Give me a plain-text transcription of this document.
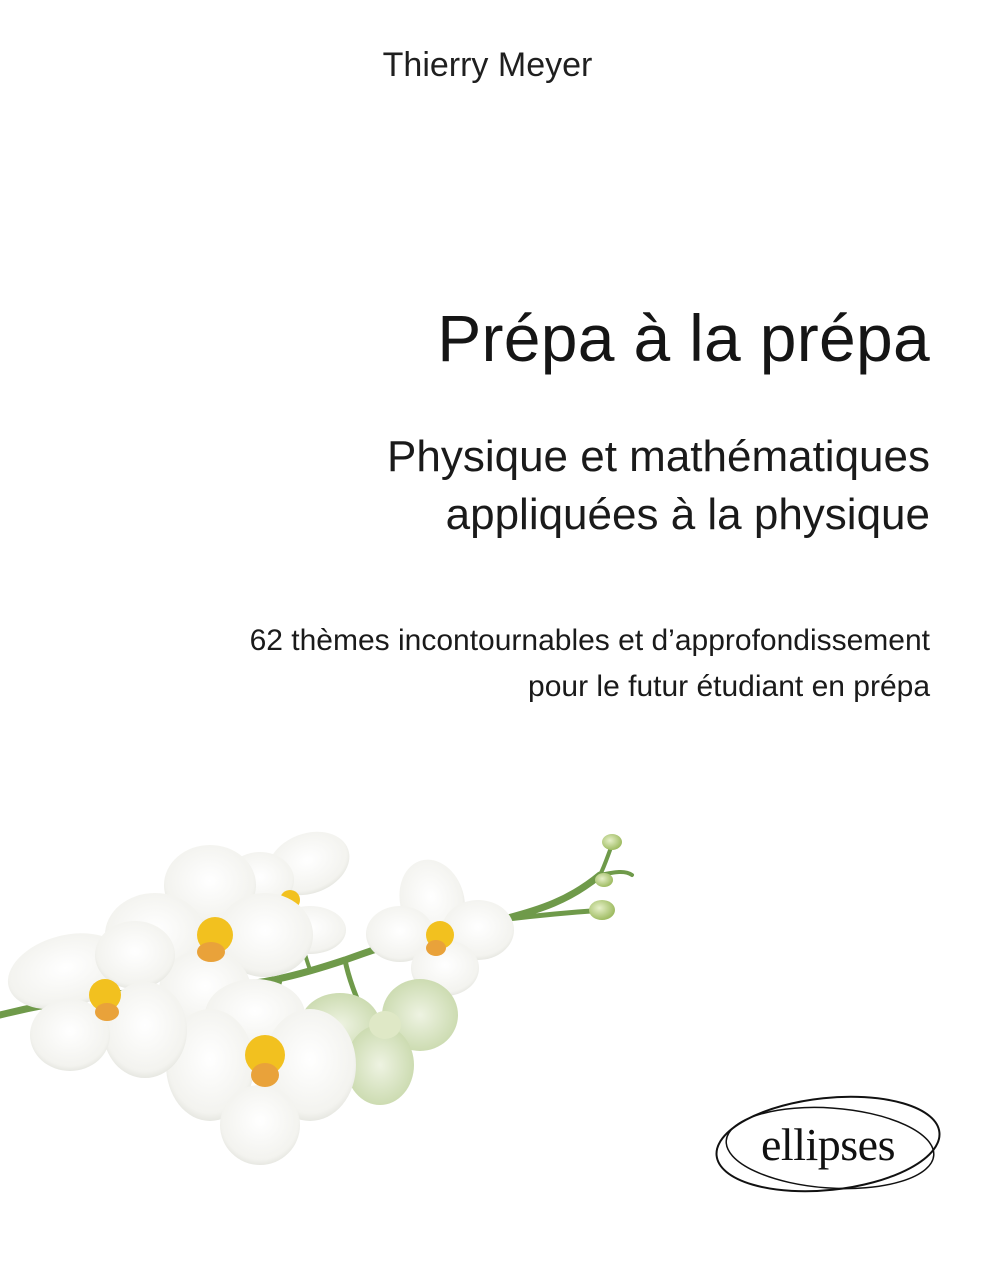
Thierry Meyer
Prépa à la prépa
Physique et mathématiques
appliquées à la physique
62 thèmes incontournables et d’approfondissement
pour le futur étudiant en prépa
ellipses
